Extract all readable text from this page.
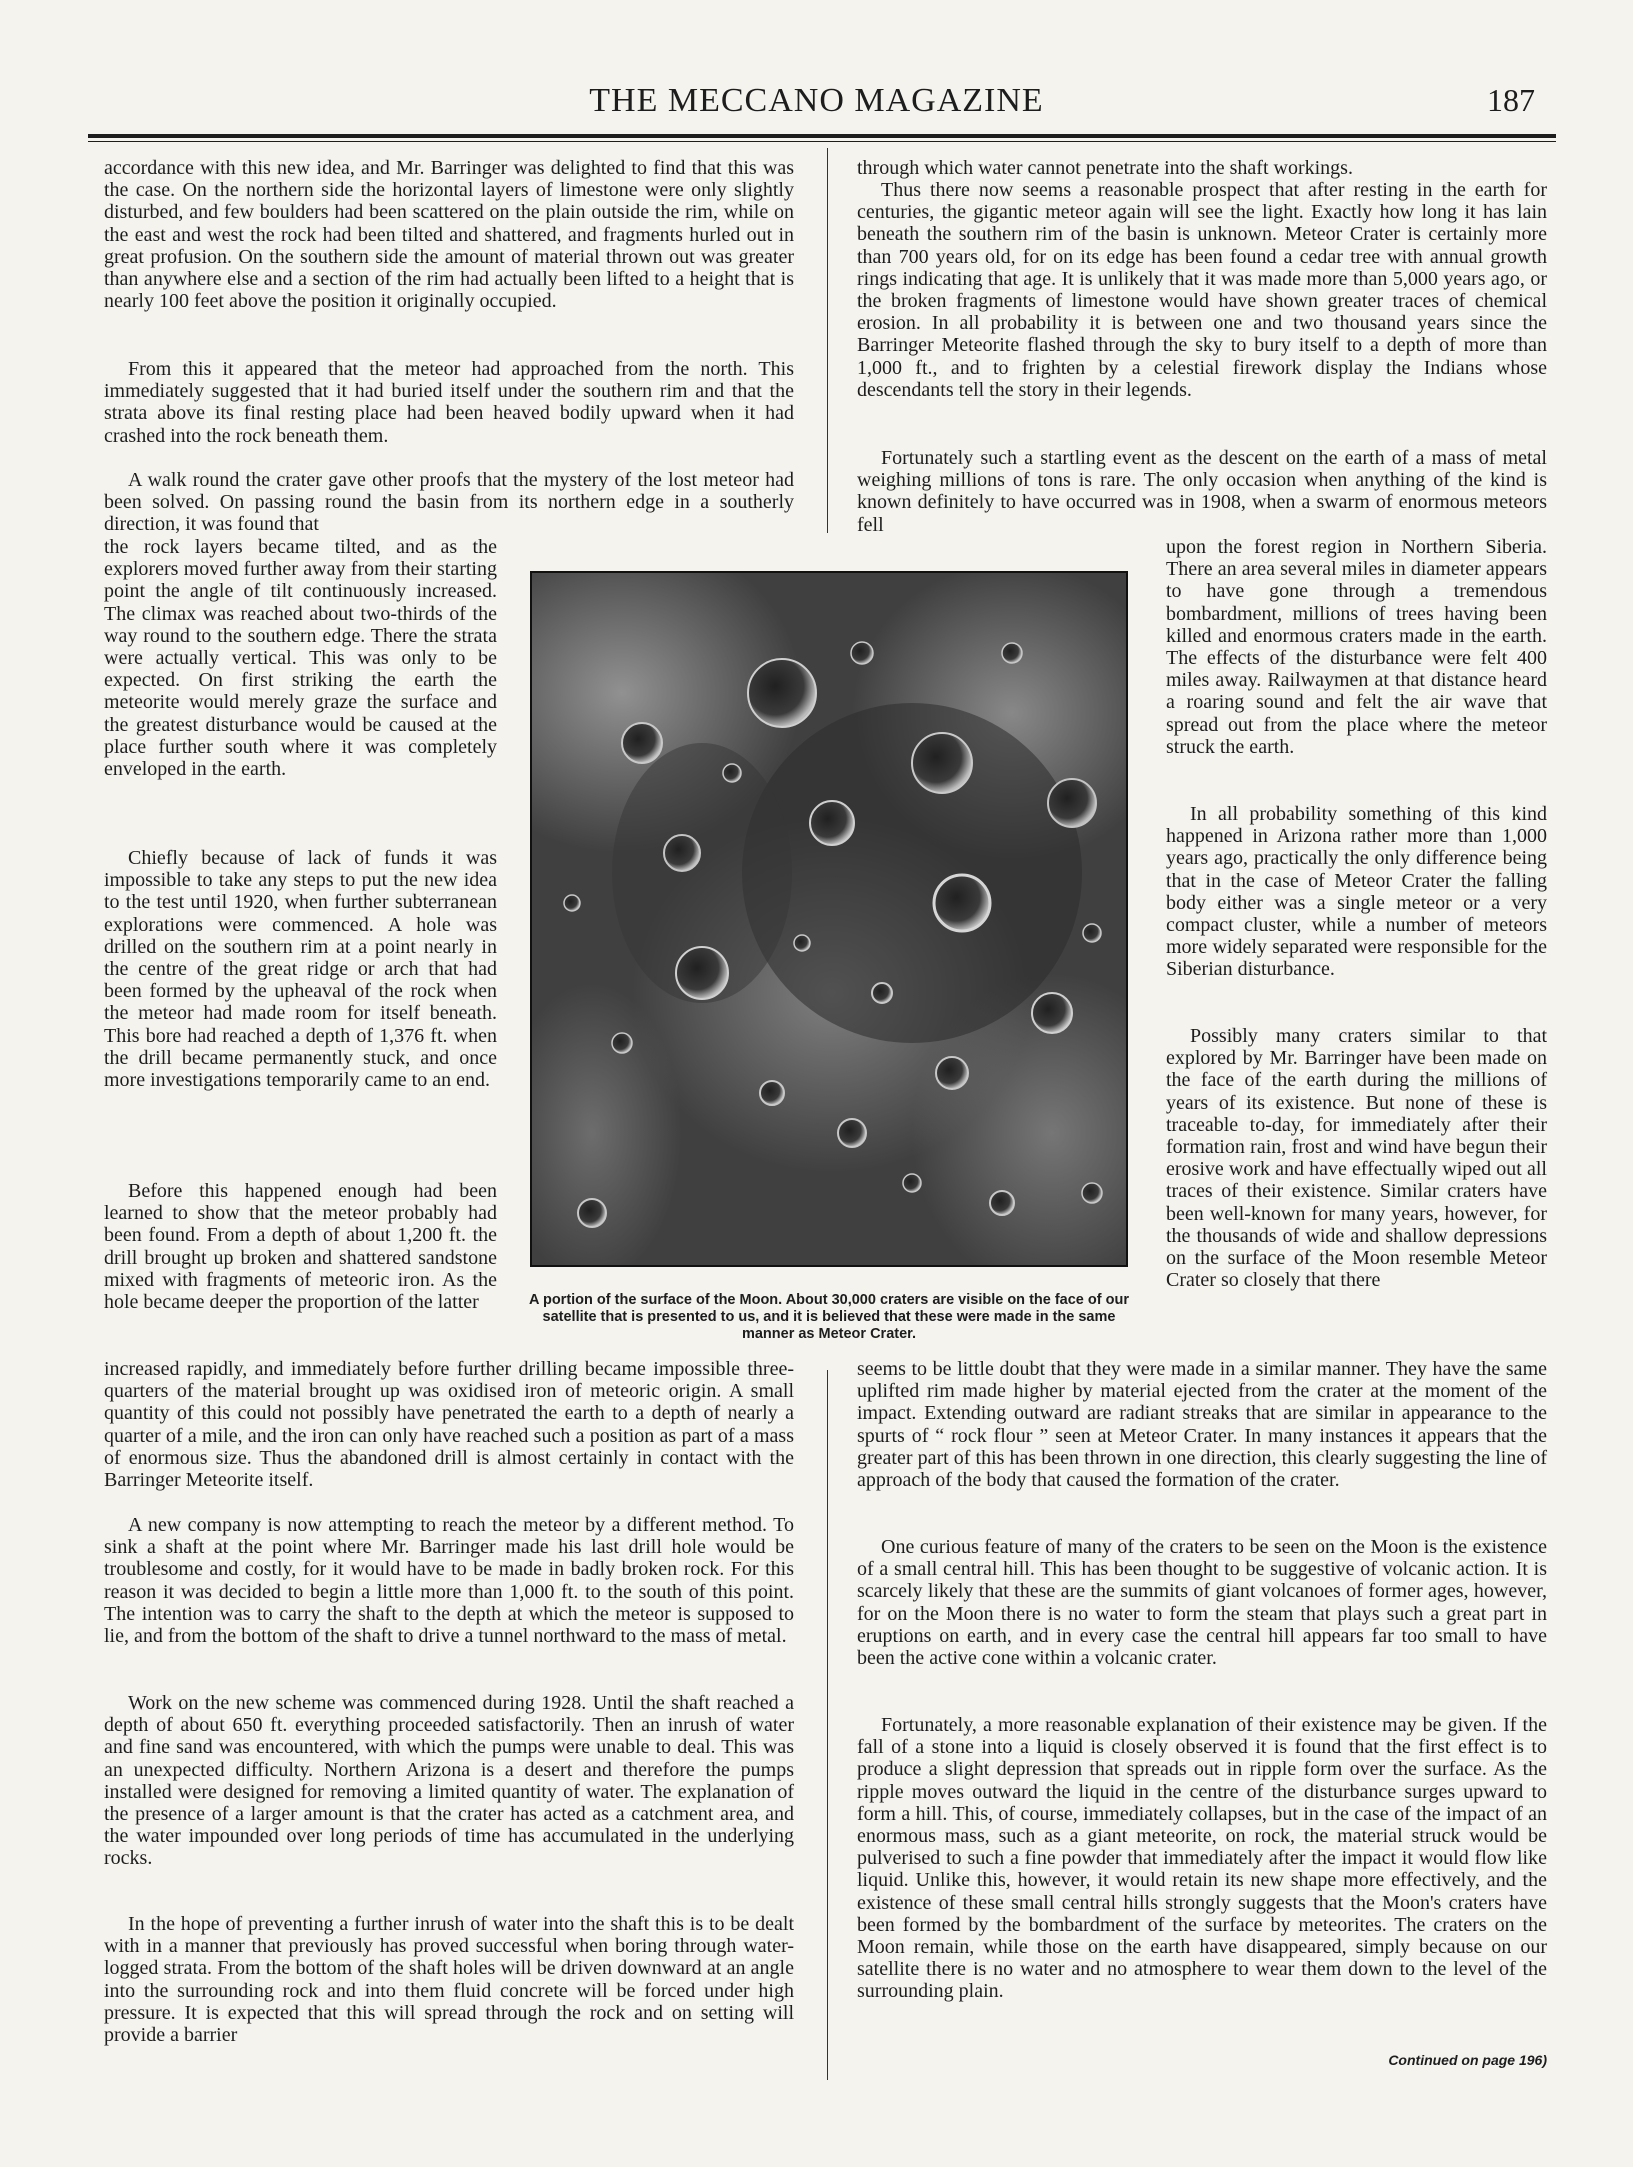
THE MECCANO MAGAZINE	187

accordance with this new idea, and Mr. Barringer was delighted to find that this was the case. On the northern side the horizontal layers of limestone were only slightly disturbed, and few boulders had been scattered on the plain outside the rim, while on the east and west the rock had been tilted and shattered, and fragments hurled out in great profusion. On the southern side the amount of material thrown out was greater than anywhere else and a section of the rim had actually been lifted to a height that is nearly 100 feet above the position it originally occupied.

From this it appeared that the meteor had approached from the north. This immediately suggested that it had buried itself under the southern rim and that the strata above its final resting place had been heaved bodily upward when it had crashed into the rock beneath them.

A walk round the crater gave other proofs that the mystery of the lost meteor had been solved. On passing round the basin from its northern edge in a southerly direction, it was found that

the rock layers became tilted, and as the explorers moved further away from their starting point the angle of tilt continuously increased. The climax was reached about two-thirds of the way round to the southern edge. There the strata were actually vertical. This was only to be expected. On first striking the earth the meteorite would merely graze the surface and the greatest disturbance would be caused at the place further south where it was completely enveloped in the earth.

Chiefly because of lack of funds it was impossible to take any steps to put the new idea to the test until 1920, when further subterranean explorations were commenced. A hole was drilled on the southern rim at a point nearly in the centre of the great ridge or arch that had been formed by the upheaval of the rock when the meteor had made room for itself beneath. This bore had reached a depth of 1,376 ft. when the drill became permanently stuck, and once more investigations temporarily came to an end.

Before this happened enough had been learned to show that the meteor probably had been found. From a depth of about 1,200 ft. the drill brought up broken and shattered sandstone mixed with fragments of meteoric iron. As the hole became deeper the proportion of the latter

increased rapidly, and immediately before further drilling became impossible three-quarters of the material brought up was oxidised iron of meteoric origin. A small quantity of this could not possibly have penetrated the earth to a depth of nearly a quarter of a mile, and the iron can only have reached such a position as part of a mass of enormous size. Thus the abandoned drill is almost certainly in contact with the Barringer Meteorite itself.

A new company is now attempting to reach the meteor by a different method. To sink a shaft at the point where Mr. Barringer made his last drill hole would be troublesome and costly, for it would have to be made in badly broken rock. For this reason it was decided to begin a little more than 1,000 ft. to the south of this point. The intention was to carry the shaft to the depth at which the meteor is supposed to lie, and from the bottom of the shaft to drive a tunnel northward to the mass of metal.

Work on the new scheme was commenced during 1928. Until the shaft reached a depth of about 650 ft. everything proceeded satisfactorily. Then an inrush of water and fine sand was encountered, with which the pumps were unable to deal. This was an unexpected difficulty. Northern Arizona is a desert and therefore the pumps installed were designed for removing a limited quantity of water. The explanation of the presence of a larger amount is that the crater has acted as a catchment area, and the water impounded over long periods of time has accumulated in the underlying rocks.

In the hope of preventing a further inrush of water into the shaft this is to be dealt with in a manner that previously has proved successful when boring through water-logged strata. From the bottom of the shaft holes will be driven downward at an angle into the surrounding rock and into them fluid concrete will be forced under high pressure. It is expected that this will spread through the rock and on setting will provide a barrier

A portion of the surface of the Moon. About 30,000 craters are visible on the face of our satellite that is presented to us, and it is believed that these were made in the same manner as Meteor Crater.

through which water cannot penetrate into the shaft workings.

Thus there now seems a reasonable prospect that after resting in the earth for centuries, the gigantic meteor again will see the light. Exactly how long it has lain beneath the southern rim of the basin is unknown. Meteor Crater is certainly more than 700 years old, for on its edge has been found a cedar tree with annual growth rings indicating that age. It is unlikely that it was made more than 5,000 years ago, or the broken fragments of limestone would have shown greater traces of chemical erosion. In all probability it is between one and two thousand years since the Barringer Meteorite flashed through the sky to bury itself to a depth of more than 1,000 ft., and to frighten by a celestial firework display the Indians whose descendants tell the story in their legends.

Fortunately such a startling event as the descent on the earth of a mass of metal weighing millions of tons is rare. The only occasion when anything of the kind is known definitely to have occurred was in 1908, when a swarm of enormous meteors fell

upon the forest region in Northern Siberia. There an area several miles in diameter appears to have gone through a tremendous bombardment, millions of trees having been killed and enormous craters made in the earth. The effects of the disturbance were felt 400 miles away. Railwaymen at that distance heard a roaring sound and felt the air wave that spread out from the place where the meteor struck the earth.

In all probability something of this kind happened in Arizona rather more than 1,000 years ago, practically the only difference being that in the case of Meteor Crater the falling body either was a single meteor or a very compact cluster, while a number of meteors more widely separated were responsible for the Siberian disturbance.

Possibly many craters similar to that explored by Mr. Barringer have been made on the face of the earth during the millions of years of its existence. But none of these is traceable to-day, for immediately after their formation rain, frost and wind have begun their erosive work and have effectually wiped out all traces of their existence. Similar craters have been well-known for many years, however, for the thousands of wide and shallow depressions on the surface of the Moon resemble Meteor Crater so closely that there

seems to be little doubt that they were made in a similar manner. They have the same uplifted rim made higher by material ejected from the crater at the moment of the impact. Extending outward are radiant streaks that are similar in appearance to the spurts of “ rock flour ” seen at Meteor Crater. In many instances it appears that the greater part of this has been thrown in one direction, this clearly suggesting the line of approach of the body that caused the formation of the crater.

One curious feature of many of the craters to be seen on the Moon is the existence of a small central hill. This has been thought to be suggestive of volcanic action. It is scarcely likely that these are the summits of giant volcanoes of former ages, however, for on the Moon there is no water to form the steam that plays such a great part in eruptions on earth, and in every case the central hill appears far too small to have been the active cone within a volcanic crater.

Fortunately, a more reasonable explanation of their existence may be given. If the fall of a stone into a liquid is closely observed it is found that the first effect is to produce a slight depression that spreads out in ripple form over the surface. As the ripple moves outward the liquid in the centre of the disturbance surges upward to form a hill. This, of course, immediately collapses, but in the case of the impact of an enormous mass, such as a giant meteorite, on rock, the material struck would be pulverised to such a fine powder that immediately after the impact it would flow like liquid. Unlike this, however, it would retain its new shape more effectively, and the existence of these small central hills strongly suggests that the Moon's craters have been formed by the bombardment of the surface by meteorites. The craters on the Moon remain, while those on the earth have disappeared, simply because on our satellite there is no water and no atmosphere to wear them down to the level of the surrounding plain.

Continued on page 196)
